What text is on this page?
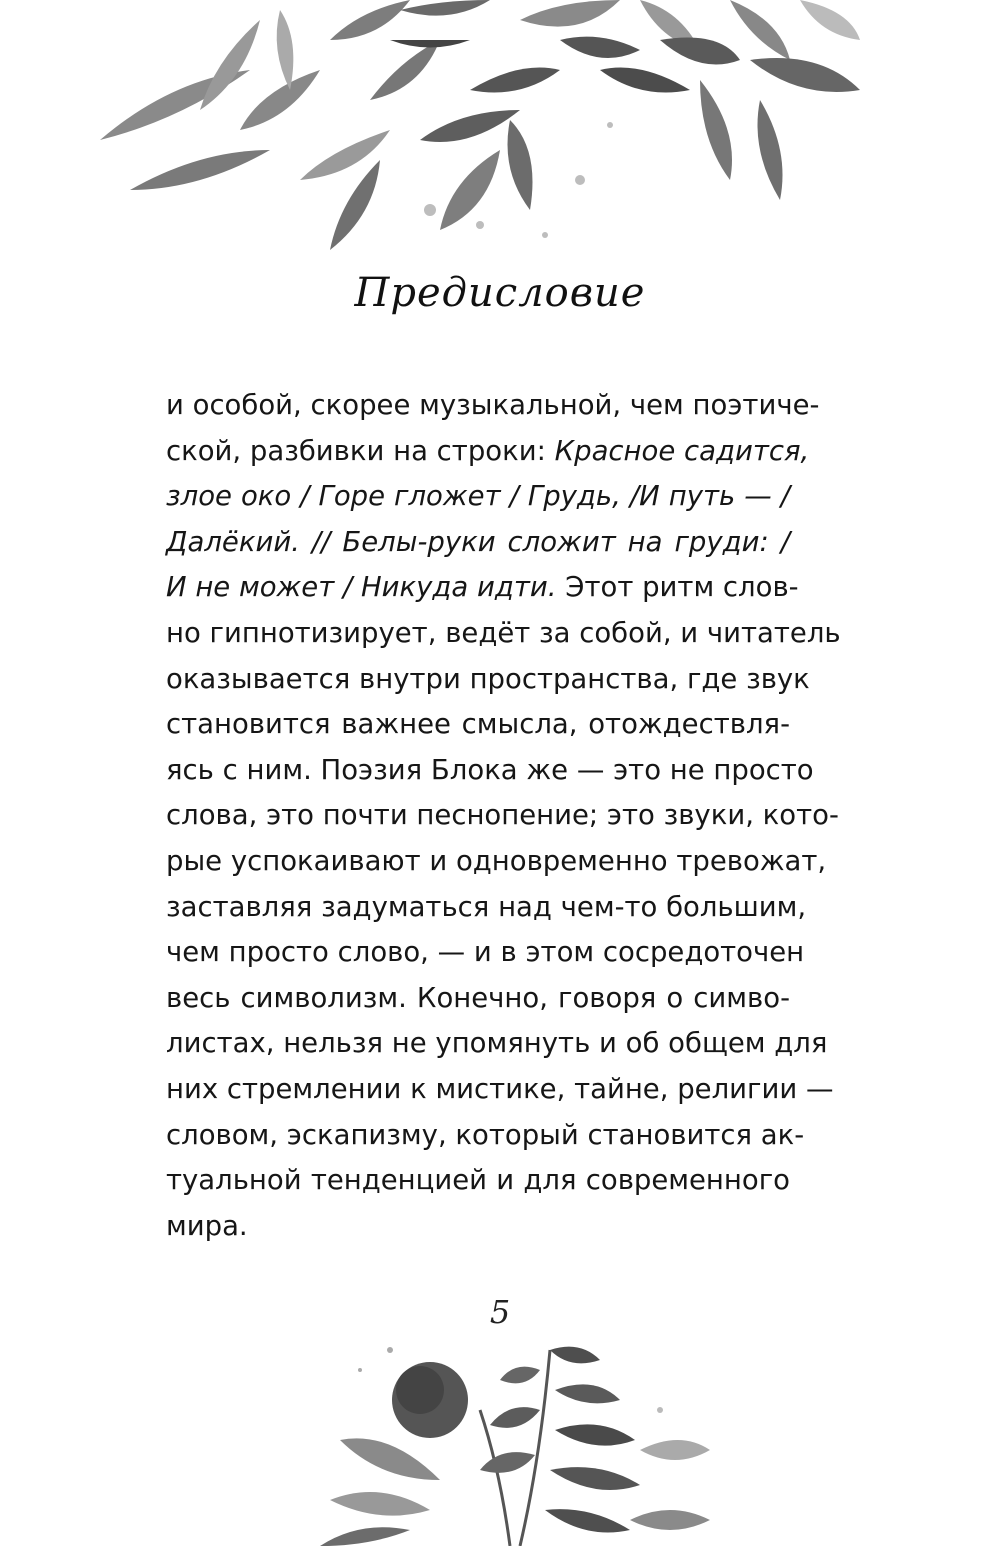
Предисловие
и особой, скорее музыкальной, чем поэтиче-
ской, разбивки на строки: Красное садится,
злое око / Горе гложет / Грудь, /И путь — /
Далёкий. // Белы-руки сложит на груди: /
И не может / Никуда идти. Этот ритм слов-
но гипнотизирует, ведёт за собой, и читатель
оказывается внутри пространства, где звук
становится важнее смысла, отождествля-
ясь с ним. Поэзия Блока же — это не просто
слова, это почти песнопение; это звуки, кото-
рые успокаивают и одновременно тревожат,
заставляя задуматься над чем-то большим,
чем просто слово, — и в этом сосредоточен
весь символизм. Конечно, говоря о симво-
листах, нельзя не упомянуть и об общем для
них стремлении к мистике, тайне, религии —
словом, эскапизму, который становится ак-
туальной тенденцией и для современного
мира.
5
